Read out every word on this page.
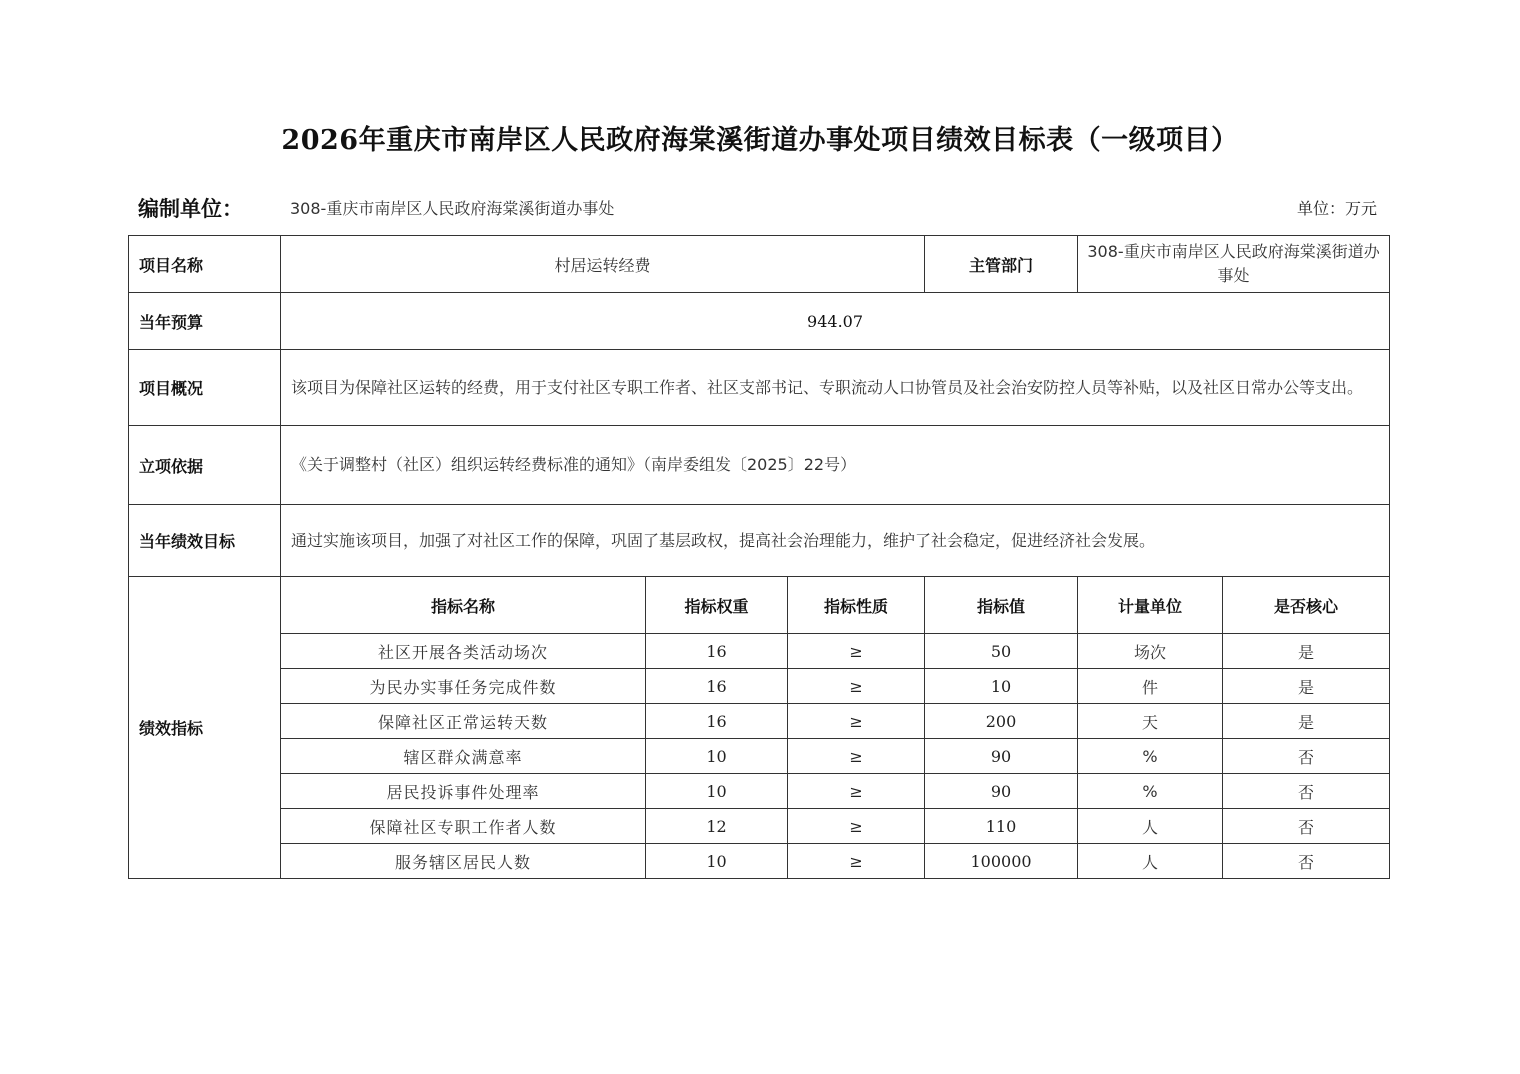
2026年重庆市南岸区人民政府海棠溪街道办事处项目绩效目标表（一级项目）
编制单位：	308-重庆市南岸区人民政府海棠溪街道办事处	单位：万元
项目名称	村居运转经费			主管部门	308-重庆市南岸区人民政府海棠溪街道办事处	
当年预算	944.07					
项目概况	该项目为保障社区运转的经费，用于支付社区专职工作者、社区支部书记、专职流动人口协管员及社会治安防控人员等补贴，以及社区日常办公等支出。					
立项依据	《关于调整村（社区）组织运转经费标准的通知》（南岸委组发〔2025〕22号）					
当年绩效目标	通过实施该项目，加强了对社区工作的保障，巩固了基层政权，提高社会治理能力，维护了社会稳定，促进经济社会发展。					
绩效指标	指标名称	指标权重	指标性质	指标值	计量单位	是否核心
	社区开展各类活动场次	16	≥	50	场次	是
	为民办实事任务完成件数	16	≥	10	件	是
	保障社区正常运转天数	16	≥	200	天	是
	辖区群众满意率	10	≥	90	%	否
	居民投诉事件处理率	10	≥	90	%	否
	保障社区专职工作者人数	12	≥	110	人	否
	服务辖区居民人数	10	≥	100000	人	否
